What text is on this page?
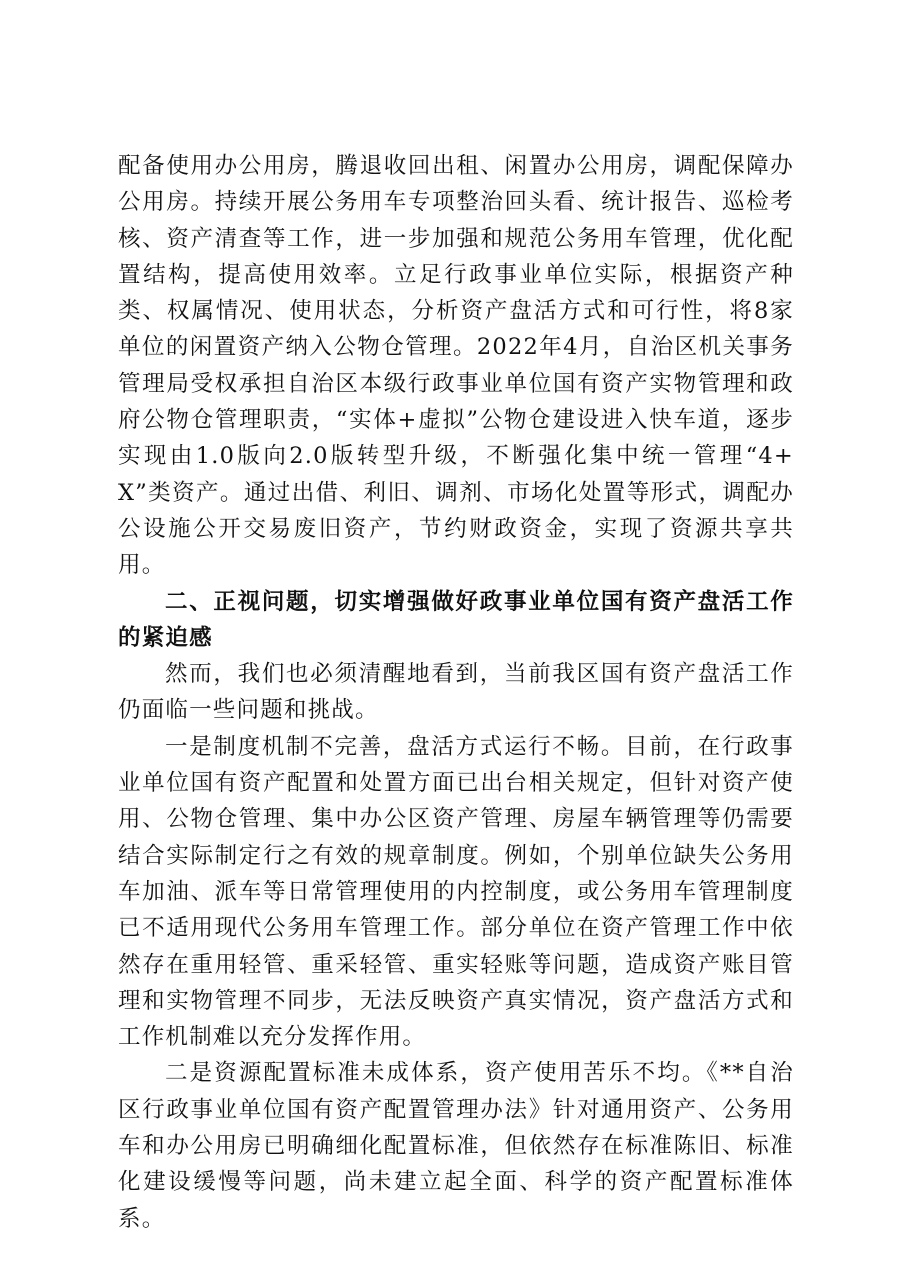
配备使用办公用房，腾退收回出租、闲置办公用房，调配保障办公用房。持续开展公务用车专项整治回头看、统计报告、巡检考核、资产清查等工作，进一步加强和规范公务用车管理，优化配置结构，提高使用效率。立足行政事业单位实际，根据资产种类、权属情况、使用状态，分析资产盘活方式和可行性，将8家单位的闲置资产纳入公物仓管理。2022年4月，自治区机关事务管理局受权承担自治区本级行政事业单位国有资产实物管理和政府公物仓管理职责，“实体+虚拟”公物仓建设进入快车道，逐步实现由1.0版向2.0版转型升级，不断强化集中统一管理“4+X”类资产。通过出借、利旧、调剂、市场化处置等形式，调配办公设施公开交易废旧资产，节约财政资金，实现了资源共享共用。

二、正视问题，切实增强做好政事业单位国有资产盘活工作的紧迫感

然而，我们也必须清醒地看到，当前我区国有资产盘活工作仍面临一些问题和挑战。

一是制度机制不完善，盘活方式运行不畅。目前，在行政事业单位国有资产配置和处置方面已出台相关规定，但针对资产使用、公物仓管理、集中办公区资产管理、房屋车辆管理等仍需要结合实际制定行之有效的规章制度。例如，个别单位缺失公务用车加油、派车等日常管理使用的内控制度，或公务用车管理制度已不适用现代公务用车管理工作。部分单位在资产管理工作中依然存在重用轻管、重采轻管、重实轻账等问题，造成资产账目管理和实物管理不同步，无法反映资产真实情况，资产盘活方式和工作机制难以充分发挥作用。

二是资源配置标准未成体系，资产使用苦乐不均。《**自治区行政事业单位国有资产配置管理办法》针对通用资产、公务用车和办公用房已明确细化配置标准，但依然存在标准陈旧、标准化建设缓慢等问题，尚未建立起全面、科学的资产配置标准体系。
